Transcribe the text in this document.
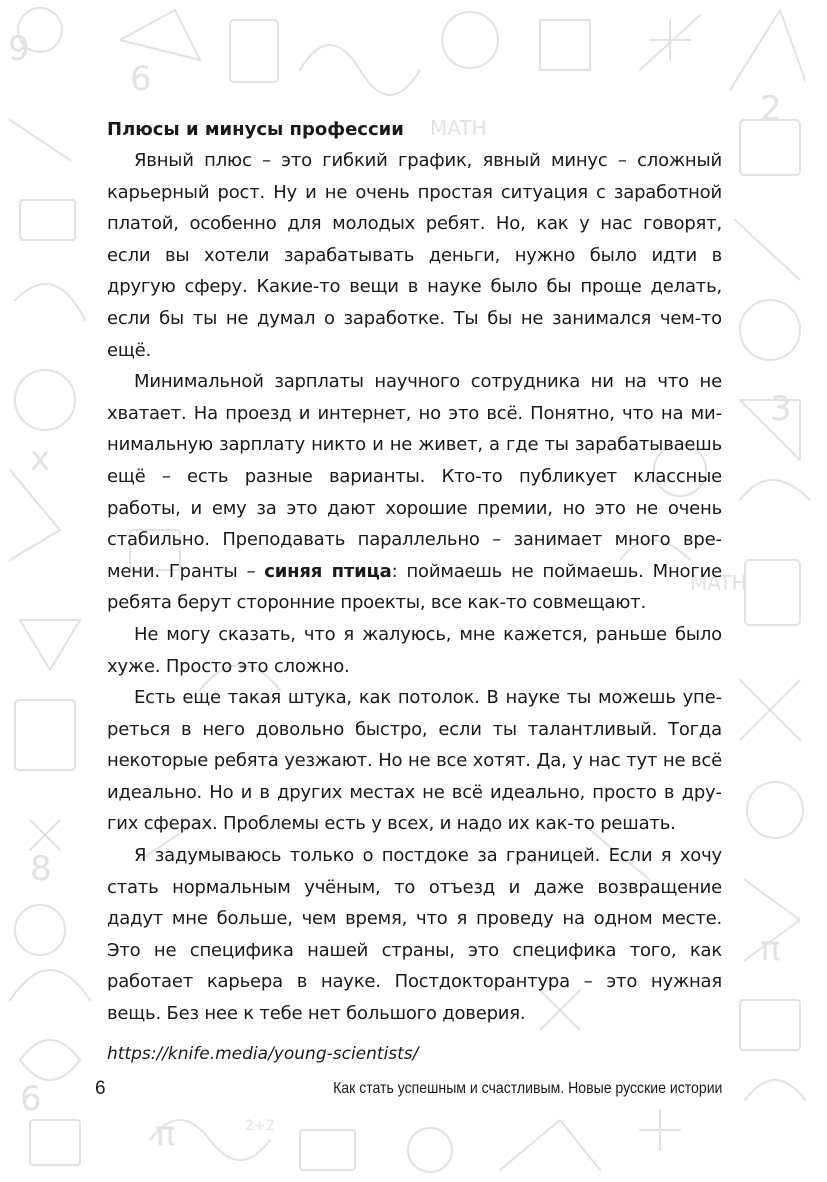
9
6
MATH	2
x
3
π	2+2
MATH
8
6
π
Плюсы и минусы профессии

Явный плюс – это гибкий график, явный минус – сложный карьерный рост. Ну и не очень простая ситуация с заработной платой, особенно для молодых ребят. Но, как у нас говорят, если вы хотели зарабатывать деньги, нужно было идти в другую сферу. Какие-то вещи в науке было бы проще делать, если бы ты не думал о заработке. Ты бы не занимался чем-то ещё.

Минимальной зарплаты научного сотрудника ни на что не хватает. На проезд и интернет, но это всё. Понятно, что на минимальную зарплату никто и не живет, а где ты зарабатываешь ещё – есть разные варианты. Кто-то публикует классные работы, и ему за это дают хорошие премии, но это не очень стабильно. Преподавать параллельно – занимает много времени. Гранты – синяя птица: поймаешь не поймаешь. Многие ребята берут сторонние проекты, все как-то совмещают.

Не могу сказать, что я жалуюсь, мне кажется, раньше было хуже. Просто это сложно.

Есть еще такая штука, как потолок. В науке ты можешь упереться в него довольно быстро, если ты талантливый. Тогда некоторые ребята уезжают. Но не все хотят. Да, у нас тут не всё идеально. Но и в других местах не всё идеально, просто в других сферах. Проблемы есть у всех, и надо их как-то решать.

Я задумываюсь только о постдоке за границей. Если я хочу стать нормальным учёным, то отъезд и даже возвращение дадут мне больше, чем время, что я проведу на одном месте. Это не специфика нашей страны, это специфика того, как работает карьера в науке. Постдокторантура – это нужная вещь. Без нее к тебе нет большого доверия.

https://knife.media/young-scientists/
6	Как стать успешным и счастливым. Новые русские истории
